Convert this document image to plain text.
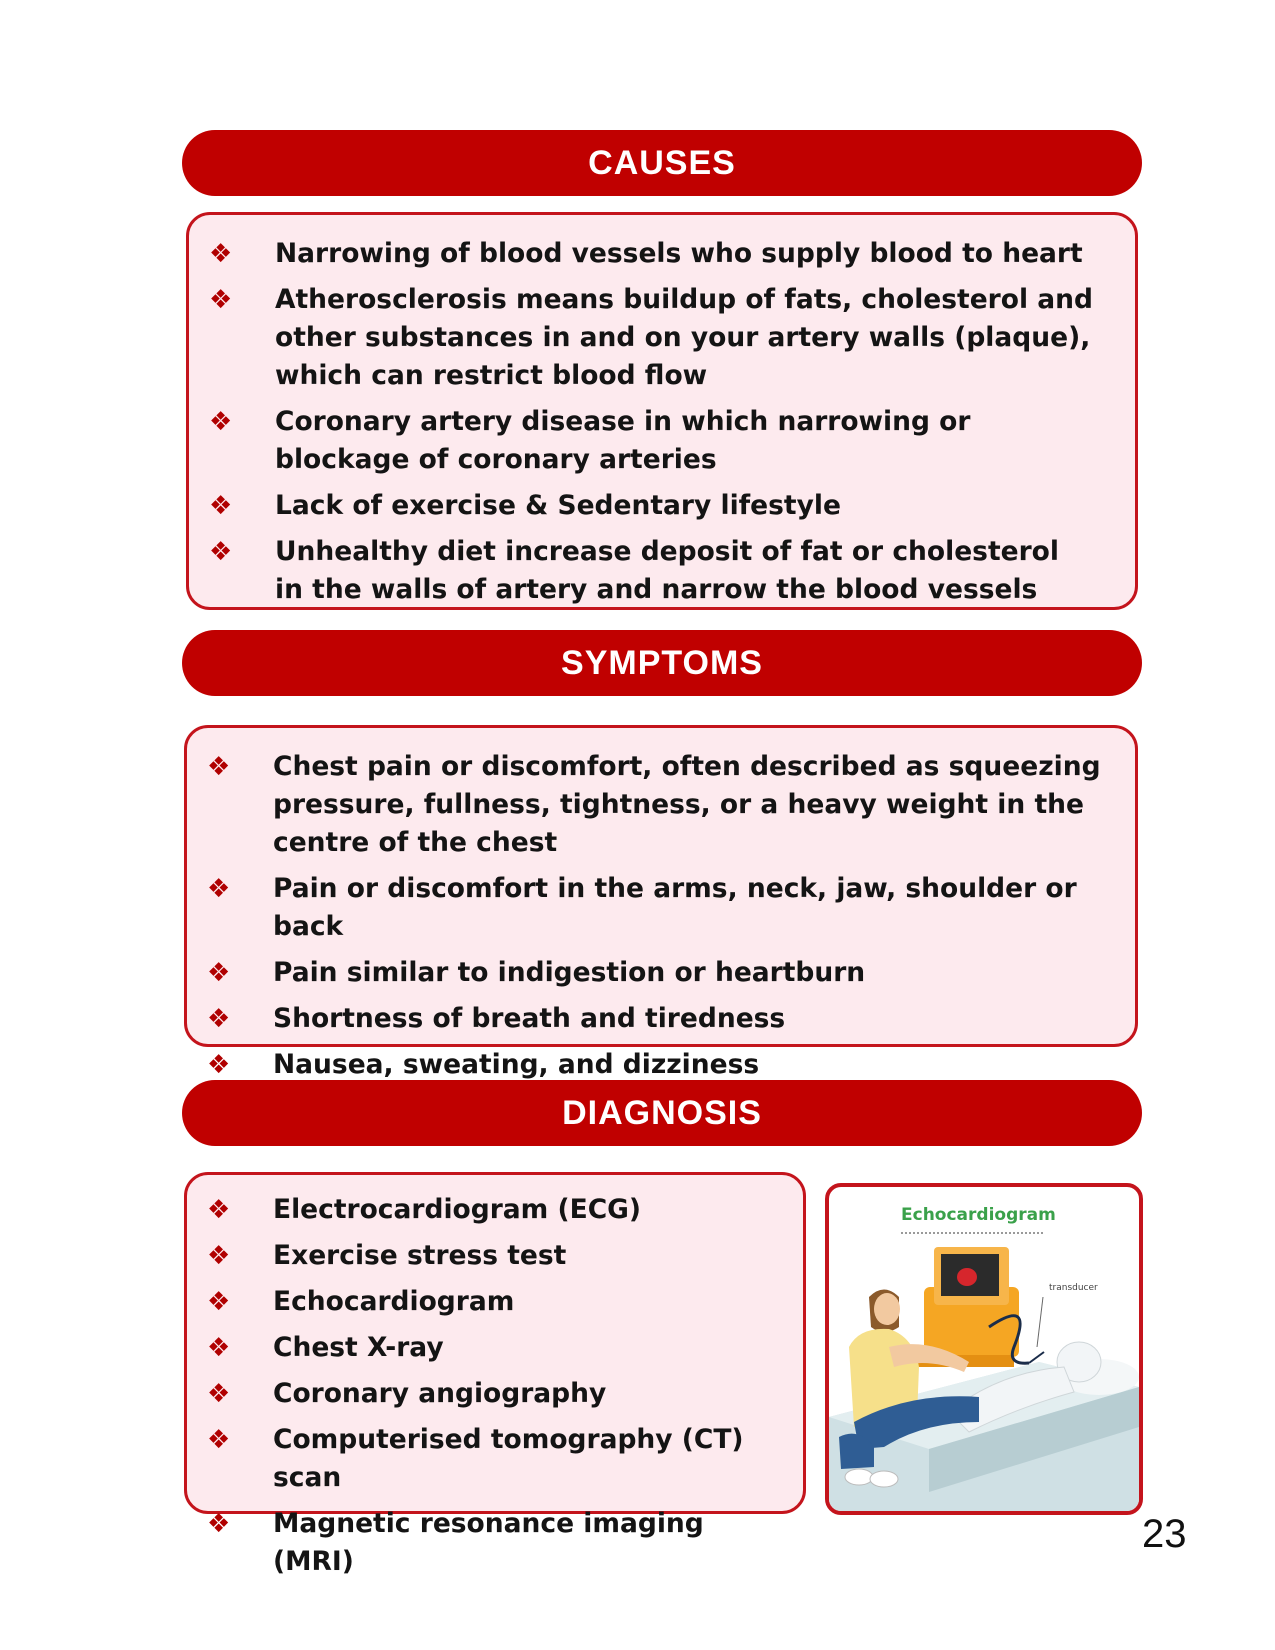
CAUSES
❖ Narrowing of blood vessels who supply blood to heart
❖ Atherosclerosis means buildup of fats, cholesterol and other substances in and on your artery walls (plaque), which can restrict blood flow
❖ Coronary artery disease in which narrowing or blockage of coronary arteries
❖ Lack of exercise & Sedentary lifestyle
❖ Unhealthy diet increase deposit of fat or cholesterol in the walls of artery and narrow the blood vessels
SYMPTOMS
❖ Chest pain or discomfort, often described as squeezing pressure, fullness, tightness, or a heavy weight in the centre of the chest
❖ Pain or discomfort in the arms, neck, jaw, shoulder or back
❖ Pain similar to indigestion or heartburn
❖ Shortness of breath and tiredness
❖ Nausea, sweating, and dizziness
DIAGNOSIS
❖ Electrocardiogram (ECG)
❖ Exercise stress test
❖ Echocardiogram
❖ Chest X-ray
❖ Coronary angiography
❖ Computerised tomography (CT) scan
❖ Magnetic resonance imaging (MRI)
Echocardiogram
transducer
23
